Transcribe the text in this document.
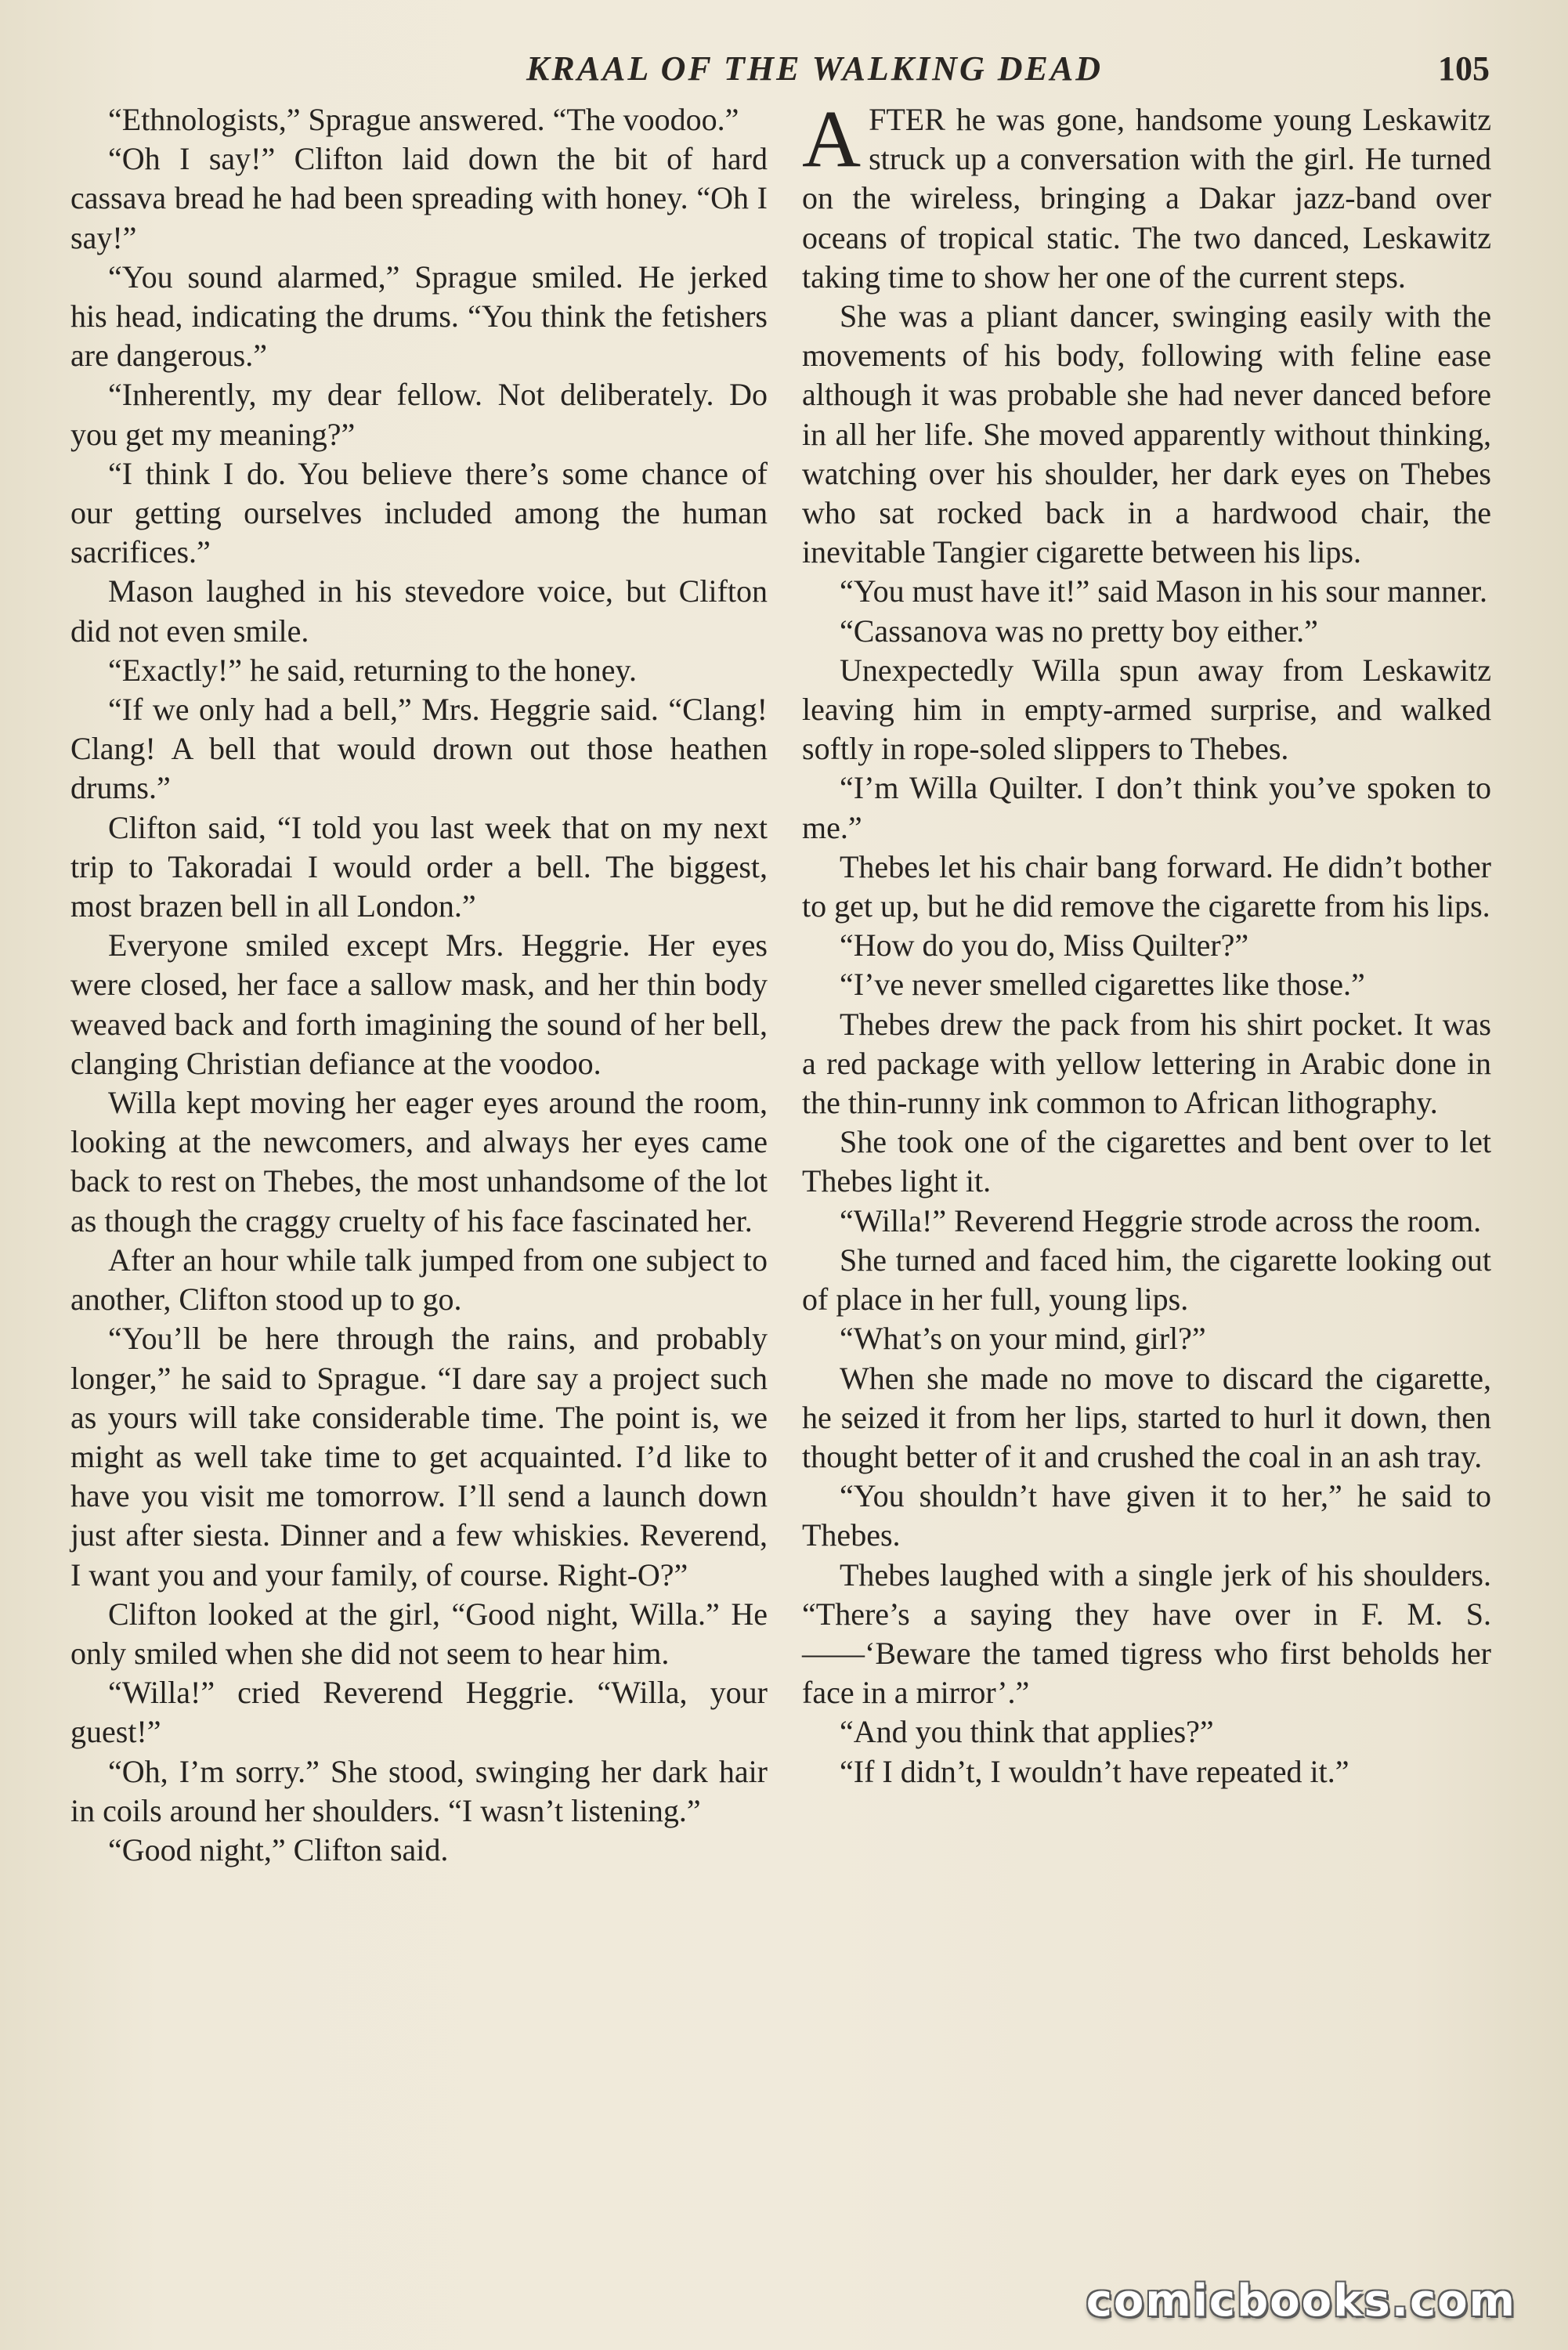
KRAAL OF THE WALKING DEAD	105

“Ethnologists,” Sprague answered. “The voodoo.”

“Oh I say!” Clifton laid down the bit of hard cassava bread he had been spreading with honey. “Oh I say!”

“You sound alarmed,” Sprague smiled. He jerked his head, indicating the drums. “You think the fetishers are dangerous.”

“Inherently, my dear fellow. Not deliberately. Do you get my meaning?”

“I think I do. You believe there’s some chance of our getting ourselves included among the human sacrifices.”

Mason laughed in his stevedore voice, but Clifton did not even smile.

“Exactly!” he said, returning to the honey.

“If we only had a bell,” Mrs. Heggrie said. “Clang! Clang! A bell that would drown out those heathen drums.”

Clifton said, “I told you last week that on my next trip to Takoradai I would order a bell. The biggest, most brazen bell in all London.”

Everyone smiled except Mrs. Heggrie. Her eyes were closed, her face a sallow mask, and her thin body weaved back and forth imagining the sound of her bell, clanging Christian defiance at the voodoo.

Willa kept moving her eager eyes around the room, looking at the newcomers, and always her eyes came back to rest on Thebes, the most unhandsome of the lot as though the craggy cruelty of his face fascinated her.

After an hour while talk jumped from one subject to another, Clifton stood up to go.

“You’ll be here through the rains, and probably longer,” he said to Sprague. “I dare say a project such as yours will take considerable time. The point is, we might as well take time to get acquainted. I’d like to have you visit me tomorrow. I’ll send a launch down just after siesta. Dinner and a few whiskies. Reverend, I want you and your family, of course. Right-O?”

Clifton looked at the girl, “Good night, Willa.” He only smiled when she did not seem to hear him.

“Willa!” cried Reverend Heggrie. “Willa, your guest!”

“Oh, I’m sorry.” She stood, swinging her dark hair in coils around her shoulders. “I wasn’t listening.”

“Good night,” Clifton said.

AFTER he was gone, handsome young Leskawitz struck up a conversation with the girl. He turned on the wireless, bringing a Dakar jazz-band over oceans of tropical static. The two danced, Leskawitz taking time to show her one of the current steps.

She was a pliant dancer, swinging easily with the movements of his body, following with feline ease although it was probable she had never danced before in all her life. She moved apparently without thinking, watching over his shoulder, her dark eyes on Thebes who sat rocked back in a hardwood chair, the inevitable Tangier cigarette between his lips.

“You must have it!” said Mason in his sour manner.

“Cassanova was no pretty boy either.”

Unexpectedly Willa spun away from Leskawitz leaving him in empty-armed surprise, and walked softly in rope-soled slippers to Thebes.

“I’m Willa Quilter. I don’t think you’ve spoken to me.”

Thebes let his chair bang forward. He didn’t bother to get up, but he did remove the cigarette from his lips.

“How do you do, Miss Quilter?”

“I’ve never smelled cigarettes like those.”

Thebes drew the pack from his shirt pocket. It was a red package with yellow lettering in Arabic done in the thin-runny ink common to African lithography.

She took one of the cigarettes and bent over to let Thebes light it.

“Willa!” Reverend Heggrie strode across the room.

She turned and faced him, the cigarette looking out of place in her full, young lips.

“What’s on your mind, girl?”

When she made no move to discard the cigarette, he seized it from her lips, started to hurl it down, then thought better of it and crushed the coal in an ash tray.

“You shouldn’t have given it to her,” he said to Thebes.

Thebes laughed with a single jerk of his shoulders. “There’s a saying they have over in F. M. S.——‘Beware the tamed tigress who first beholds her face in a mirror’.”

“And you think that applies?”

“If I didn’t, I wouldn’t have repeated it.”

comicbooks.com
